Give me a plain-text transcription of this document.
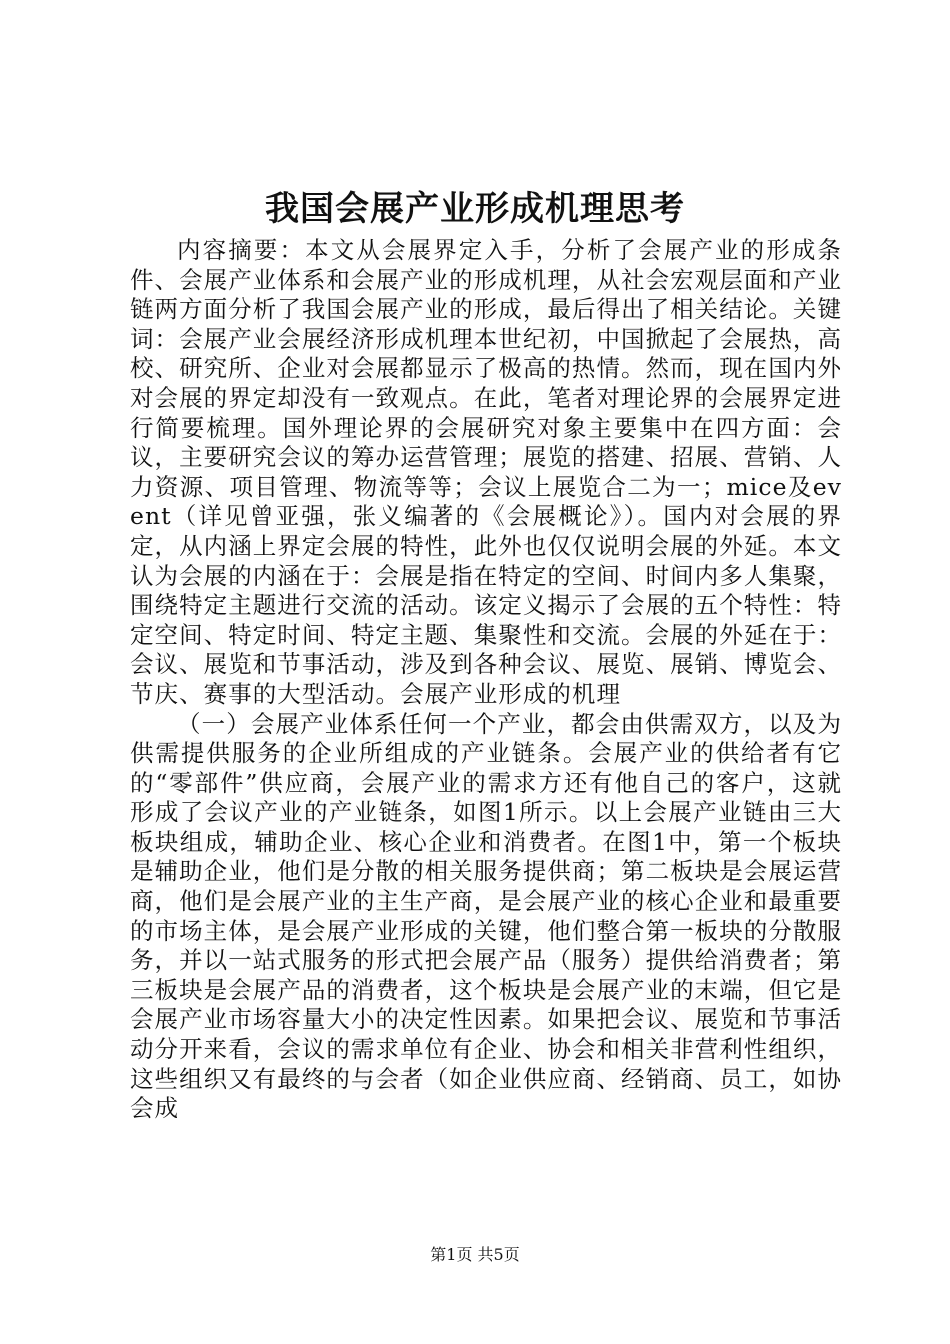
我国会展产业形成机理思考

内容摘要：本文从会展界定入手，分析了会展产业的形成条件、会展产业体系和会展产业的形成机理，从社会宏观层面和产业链两方面分析了我国会展产业的形成，最后得出了相关结论。关键词：会展产业会展经济形成机理本世纪初，中国掀起了会展热，高校、研究所、企业对会展都显示了极高的热情。然而，现在国内外对会展的界定却没有一致观点。在此，笔者对理论界的会展界定进行简要梳理。国外理论界的会展研究对象主要集中在四方面：会议，主要研究会议的筹办运营管理；展览的搭建、招展、营销、人力资源、项目管理、物流等等；会议上展览合二为一；mice及event（详见曾亚强，张义编著的《会展概论》）。国内对会展的界定，从内涵上界定会展的特性，此外也仅仅说明会展的外延。本文认为会展的内涵在于：会展是指在特定的空间、时间内多人集聚，围绕特定主题进行交流的活动。该定义揭示了会展的五个特性：特定空间、特定时间、特定主题、集聚性和交流。会展的外延在于：会议、展览和节事活动，涉及到各种会议、展览、展销、博览会、节庆、赛事的大型活动。会展产业形成的机理

（一）会展产业体系任何一个产业，都会由供需双方，以及为供需提供服务的企业所组成的产业链条。会展产业的供给者有它的“零部件”供应商，会展产业的需求方还有他自己的客户，这就形成了会议产业的产业链条，如图1所示。以上会展产业链由三大板块组成，辅助企业、核心企业和消费者。在图1中，第一个板块是辅助企业，他们是分散的相关服务提供商；第二板块是会展运营商，他们是会展产业的主生产商，是会展产业的核心企业和最重要的市场主体，是会展产业形成的关键，他们整合第一板块的分散服务，并以一站式服务的形式把会展产品（服务）提供给消费者；第三板块是会展产品的消费者，这个板块是会展产业的末端，但它是会展产业市场容量大小的决定性因素。如果把会议、展览和节事活动分开来看，会议的需求单位有企业、协会和相关非营利性组织，这些组织又有最终的与会者（如企业供应商、经销商、员工，如协会成

第1页 共5页
